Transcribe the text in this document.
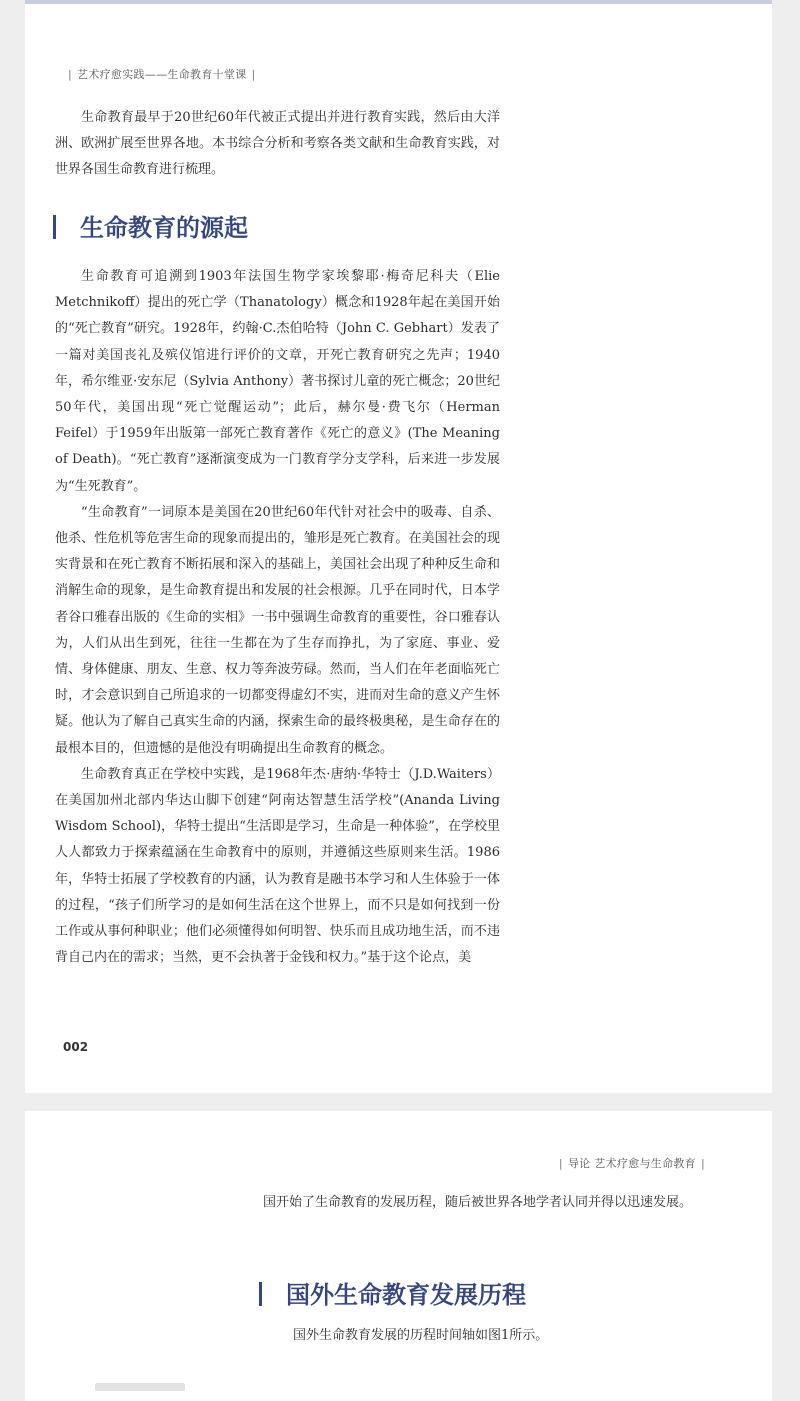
| 艺术疗愈实践——生命教育十堂课 |

生命教育最早于20世纪60年代被正式提出并进行教育实践，然后由大洋洲、欧洲扩展至世界各地。本书综合分析和考察各类文献和生命教育实践，对世界各国生命教育进行梳理。

生命教育的源起

生命教育可追溯到1903年法国生物学家埃黎耶·梅奇尼科夫（Elie Metchnikoff）提出的死亡学（Thanatology）概念和1928年起在美国开始的“死亡教育”研究。1928年，约翰·C.杰伯哈特（John C. Gebhart）发表了一篇对美国丧礼及殡仪馆进行评价的文章，开死亡教育研究之先声；1940年，希尔维亚·安东尼（Sylvia Anthony）著书探讨儿童的死亡概念；20世纪50年代，美国出现“死亡觉醒运动”；此后，赫尔曼·费飞尔（Herman Feifel）于1959年出版第一部死亡教育著作《死亡的意义》(The Meaning of Death)。“死亡教育”逐渐演变成为一门教育学分支学科，后来进一步发展为“生死教育”。

“生命教育”一词原本是美国在20世纪60年代针对社会中的吸毒、自杀、他杀、性危机等危害生命的现象而提出的，雏形是死亡教育。在美国社会的现实背景和在死亡教育不断拓展和深入的基础上，美国社会出现了种种反生命和消解生命的现象，是生命教育提出和发展的社会根源。几乎在同时代，日本学者谷口雅春出版的《生命的实相》一书中强调生命教育的重要性，谷口雅春认为，人们从出生到死，往往一生都在为了生存而挣扎，为了家庭、事业、爱情、身体健康、朋友、生意、权力等奔波劳碌。然而，当人们在年老面临死亡时，才会意识到自己所追求的一切都变得虚幻不实，进而对生命的意义产生怀疑。他认为了解自己真实生命的内涵，探索生命的最终极奥秘，是生命存在的最根本目的，但遗憾的是他没有明确提出生命教育的概念。

生命教育真正在学校中实践，是1968年杰·唐纳·华特士（J.D.Waiters）在美国加州北部内华达山脚下创建“阿南达智慧生活学校”(Ananda Living Wisdom School)，华特士提出“生活即是学习，生命是一种体验”，在学校里人人都致力于探索蕴涵在生命教育中的原则，并遵循这些原则来生活。1986年，华特士拓展了学校教育的内涵，认为教育是融书本学习和人生体验于一体的过程，“孩子们所学习的是如何生活在这个世界上，而不只是如何找到一份工作或从事何种职业；他们必须懂得如何明智、快乐而且成功地生活，而不违背自己内在的需求；当然，更不会执著于金钱和权力。”基于这个论点，美

002
| 导论 艺术疗愈与生命教育 |

国开始了生命教育的发展历程，随后被世界各地学者认同并得以迅速发展。

国外生命教育发展历程

国外生命教育发展的历程时间轴如图1所示。
